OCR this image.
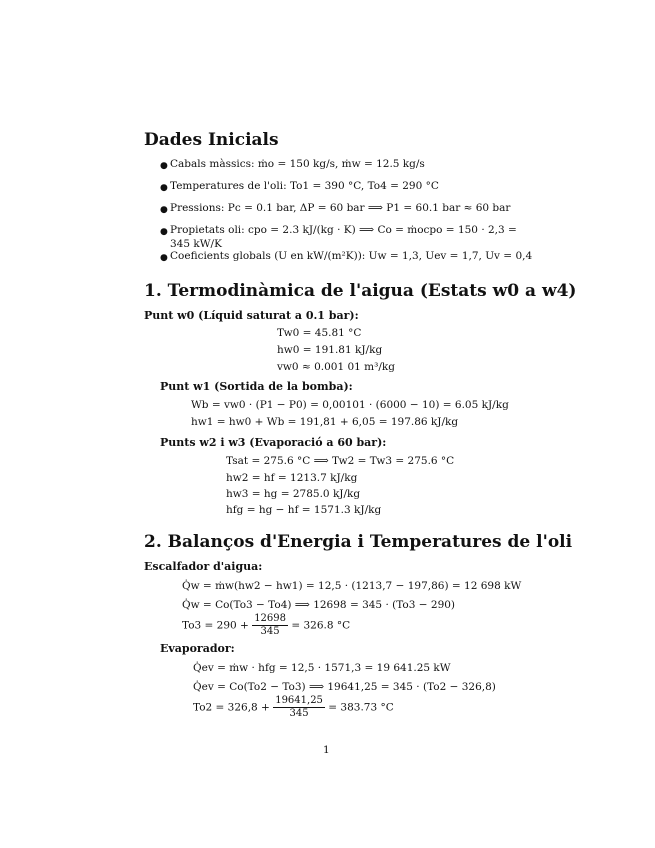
Dades Inicials
● Cabals màssics: ṁo = 150 kg/s, ṁw = 12.5 kg/s
● Temperatures de l'oli: To1 = 390 °C, To4 = 290 °C
● Pressions: Pc = 0.1 bar, ΔP = 60 bar ⟹ P1 = 60.1 bar ≈ 60 bar
● Propietats oli: cpo = 2.3 kJ/(kg · K) ⟹ Co = ṁocpo = 150 · 2,3 =
345 kW/K
● Coeficients globals (U en kW/(m²K)): Uw = 1,3, Uev = 1,7, Uv = 0,4
1. Termodinàmica de l'aigua (Estats w0 a w4)
Punt w0 (Líquid saturat a 0.1 bar):
Tw0 = 45.81 °C
hw0 = 191.81 kJ/kg
vw0 ≈ 0.001 01 m³/kg
Punt w1 (Sortida de la bomba):
Wb = vw0 · (P1 − P0) = 0,00101 · (6000 − 10) = 6.05 kJ/kg
hw1 = hw0 + Wb = 191,81 + 6,05 = 197.86 kJ/kg
Punts w2 i w3 (Evaporació a 60 bar):
Tsat = 275.6 °C ⟹ Tw2 = Tw3 = 275.6 °C
hw2 = hf = 1213.7 kJ/kg
hw3 = hg = 2785.0 kJ/kg
hfg = hg − hf = 1571.3 kJ/kg
2. Balanços d'Energia i Temperatures de l'oli
Escalfador d'aigua:
Q̇w = ṁw(hw2 − hw1) = 12,5 · (1213,7 − 197,86) = 12 698 kW
Q̇w = Co(To3 − To4) ⟹ 12698 = 345 · (To3 − 290)
$To3 = 290 + \frac{12698}{345} = 326.8$ °C
Evaporador:
Q̇ev = ṁw · hfg = 12,5 · 1571,3 = 19 641.25 kW
Q̇ev = Co(To2 − To3) ⟹ 19641,25 = 345 · (To2 − 326,8)
$To2 = 326,8 + \frac{19641,25}{345} = 383.73$ °C
1
